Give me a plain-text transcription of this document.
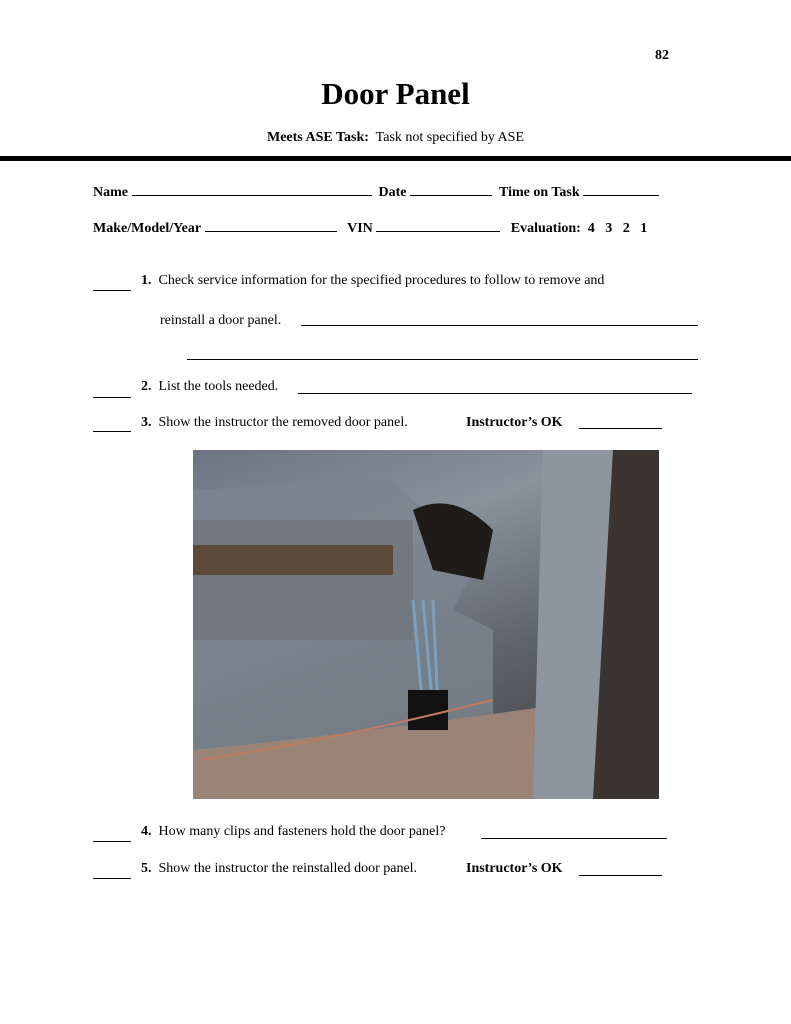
82
Door Panel
Meets ASE Task: Task not specified by ASE
Name	Date	Time on Task
Make/Model/Year	VIN	Evaluation: 4 3 2 1
1. Check service information for the specified procedures to follow to remove and
reinstall a door panel.
2. List the tools needed.
3. Show the instructor the removed door panel.	Instructor’s OK
4. How many clips and fasteners hold the door panel?
5. Show the instructor the reinstalled door panel.	Instructor’s OK
